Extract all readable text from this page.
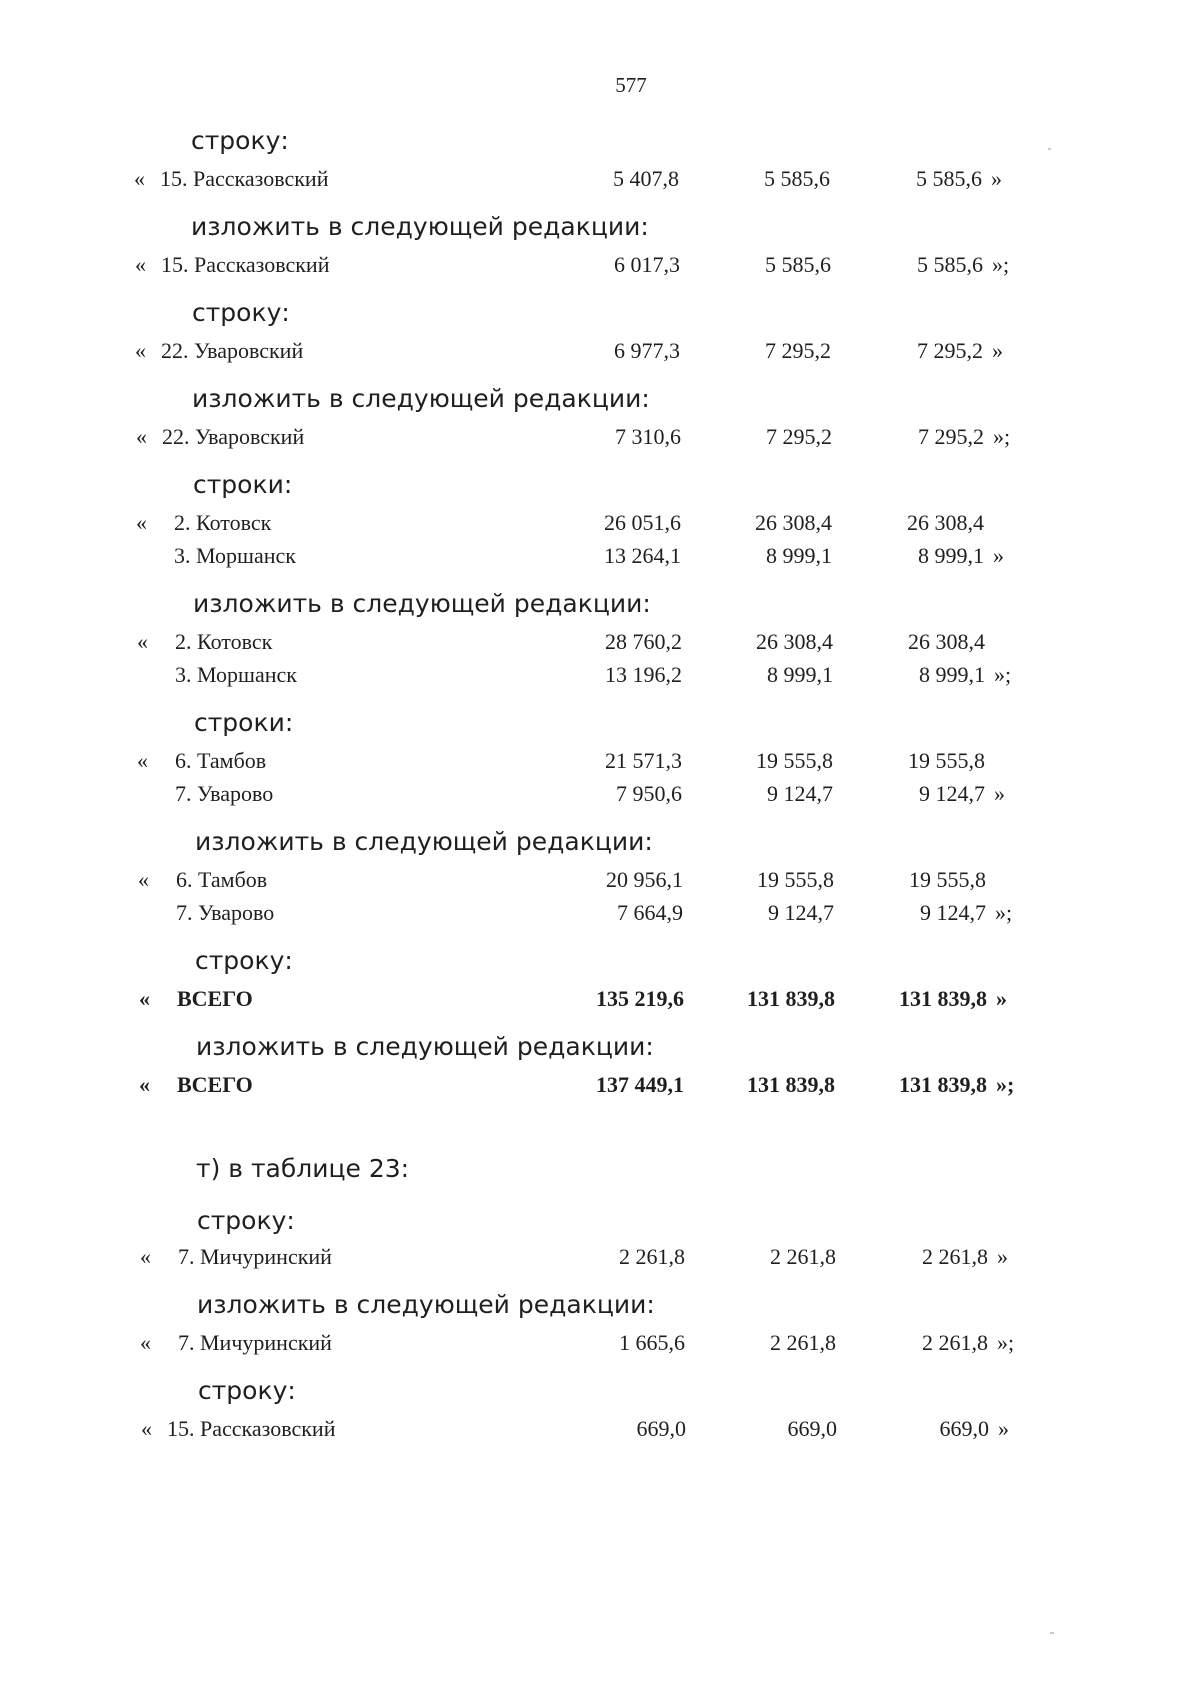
577
строку:
« 15. Рассказовский	5 407,8	5 585,6	5 585,6 »
изложить в следующей редакции:
« 15. Рассказовский	6 017,3	5 585,6	5 585,6 »;
строку:
« 22. Уваровский	6 977,3	7 295,2	7 295,2 »
изложить в следующей редакции:
« 22. Уваровский	7 310,6	7 295,2	7 295,2 »;
строки:
« 2. Котовск	26 051,6	26 308,4	26 308,4
3. Моршанск	13 264,1	8 999,1	8 999,1 »
изложить в следующей редакции:
« 2. Котовск	28 760,2	26 308,4	26 308,4
3. Моршанск	13 196,2	8 999,1	8 999,1 »;
строки:
« 6. Тамбов	21 571,3	19 555,8	19 555,8
7. Уварово	7 950,6	9 124,7	9 124,7 »
изложить в следующей редакции:
« 6. Тамбов	20 956,1	19 555,8	19 555,8
7. Уварово	7 664,9	9 124,7	9 124,7 »;
строку:
« ВСЕГО	135 219,6	131 839,8	131 839,8 »
изложить в следующей редакции:
« ВСЕГО	137 449,1	131 839,8	131 839,8 »;
т) в таблице 23:
строку:
« 7. Мичуринский	2 261,8	2 261,8	2 261,8 »
изложить в следующей редакции:
« 7. Мичуринский	1 665,6	2 261,8	2 261,8 »;
строку:
« 15. Рассказовский	669,0	669,0	669,0 »
